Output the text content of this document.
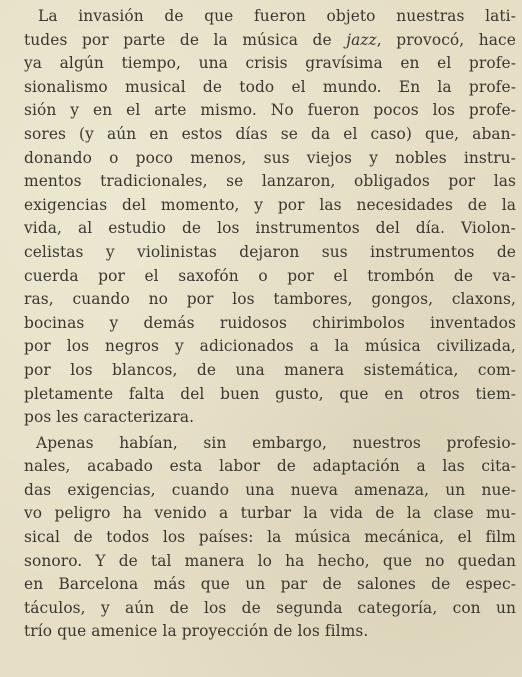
La invasión de que fueron objeto nuestras lati-
tudes por parte de la música de jazz, provocó, hace
ya algún tiempo, una crisis gravísima en el profe-
sionalismo musical de todo el mundo. En la profe-
sión y en el arte mismo. No fueron pocos los profe-
sores (y aún en estos días se da el caso) que, aban-
donando o poco menos, sus viejos y nobles instru-
mentos tradicionales, se lanzaron, obligados por las
exigencias del momento, y por las necesidades de la
vida, al estudio de los instrumentos del día. Violon-
celistas y violinistas dejaron sus instrumentos de
cuerda por el saxofón o por el trombón de va-
ras, cuando no por los tambores, gongos, claxons,
bocinas y demás ruidosos chirimbolos inventados
por los negros y adicionados a la música civilizada,
por los blancos, de una manera sistemática, com-
pletamente falta del buen gusto, que en otros tiem-
pos les caracterizara.
Apenas habían, sin embargo, nuestros profesio-
nales, acabado esta labor de adaptación a las cita-
das exigencias, cuando una nueva amenaza, un nue-
vo peligro ha venido a turbar la vida de la clase mu-
sical de todos los países: la música mecánica, el film
sonoro. Y de tal manera lo ha hecho, que no quedan
en Barcelona más que un par de salones de espec-
táculos, y aún de los de segunda categoría, con un
trío que amenice la proyección de los films.
